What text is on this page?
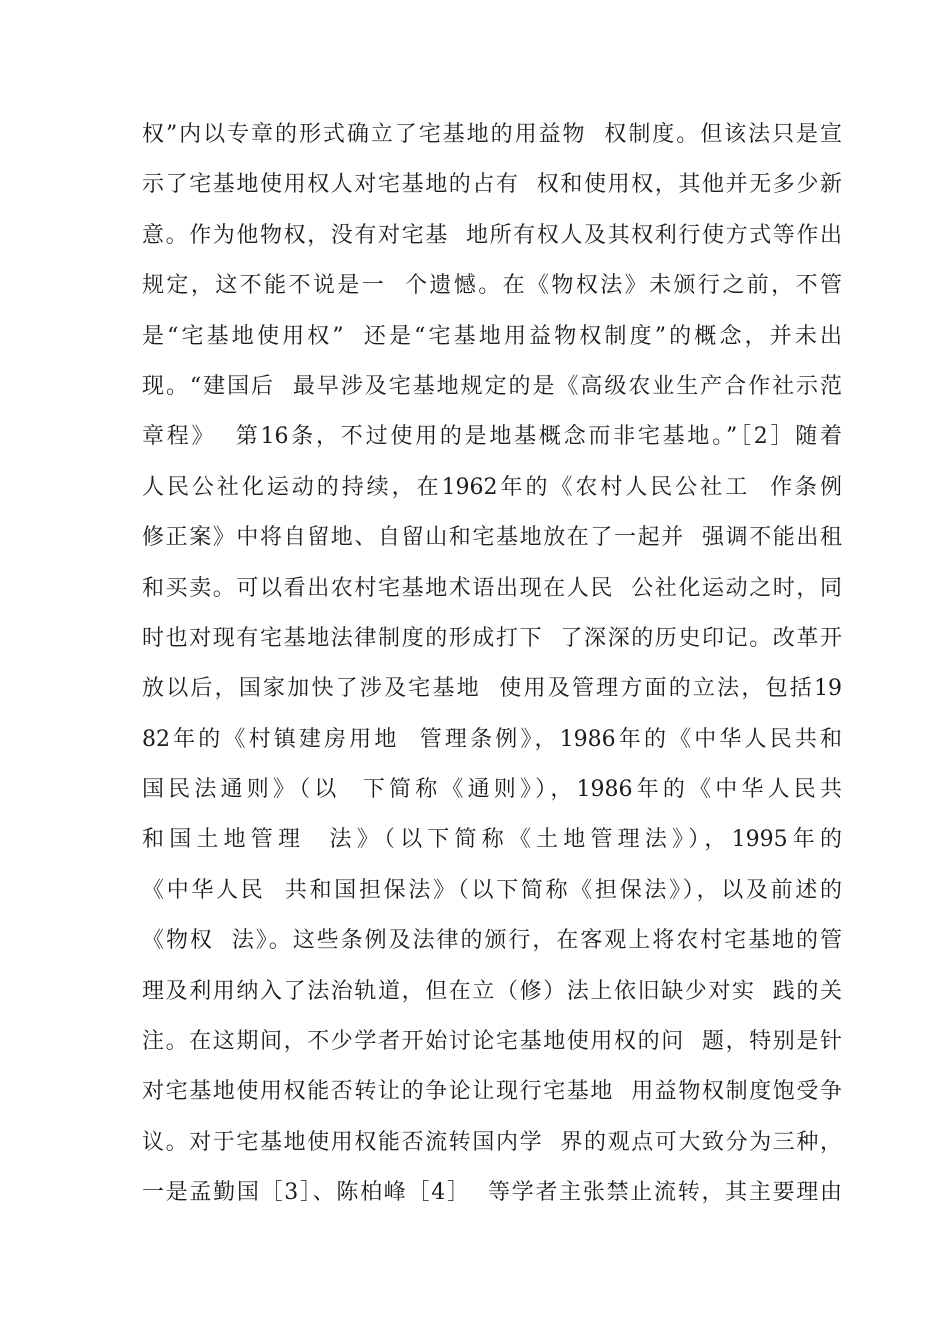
权”内以专章的形式确立了宅基地的用益物  权制度。但该法只是宣
示了宅基地使用权人对宅基地的占有  权和使用权，其他并无多少新
意。作为他物权，没有对宅基  地所有权人及其权利行使方式等作出
规定，这不能不说是一  个遗憾。在《物权法》未颁行之前，不管
是“宅基地使用权”  还是“宅基地用益物权制度”的概念，并未出
现。“建国后  最早涉及宅基地规定的是《高级农业生产合作社示范
章程》  第16条，不过使用的是地基概念而非宅基地。”［2］随着
人民公社化运动的持续，在1962年的《农村人民公社工  作条例
修正案》中将自留地、自留山和宅基地放在了一起并  强调不能出租
和买卖。可以看出农村宅基地术语出现在人民  公社化运动之时，同
时也对现有宅基地法律制度的形成打下  了深深的历史印记。改革开
放以后，国家加快了涉及宅基地  使用及管理方面的立法，包括19
82年的《村镇建房用地  管理条例》，1986年的《中华人民共和
国民法通则》（以  下简称《通则》），1986年的《中华人民共
和国土地管理  法》（以下简称《土地管理法》），1995年的
《中华人民  共和国担保法》（以下简称《担保法》），以及前述的
《物权  法》。这些条例及法律的颁行，在客观上将农村宅基地的管
理及利用纳入了法治轨道，但在立（修）法上依旧缺少对实  践的关
注。在这期间，不少学者开始讨论宅基地使用权的问  题，特别是针
对宅基地使用权能否转让的争论让现行宅基地  用益物权制度饱受争
议。对于宅基地使用权能否流转国内学  界的观点可大致分为三种，
一是孟勤国［3］、陈柏峰［4］  等学者主张禁止流转，其主要理由
